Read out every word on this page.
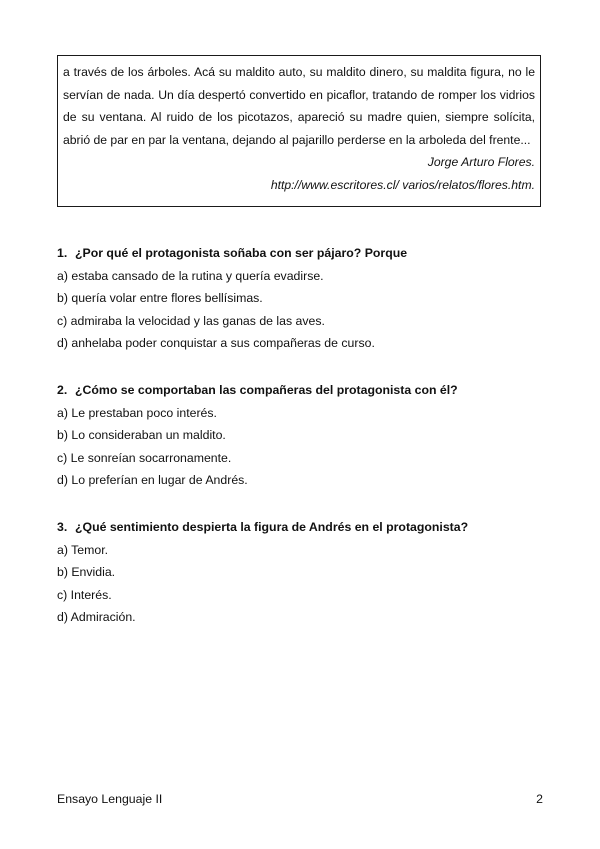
a través de los árboles. Acá su maldito auto, su maldito dinero, su maldita figura, no le servían de nada. Un día despertó convertido en picaflor, tratando de romper los vidrios de su ventana. Al ruido de los picotazos, apareció su madre quien, siempre solícita, abrió de par en par la ventana, dejando al pajarillo perderse en la arboleda del frente...

Jorge Arturo Flores.

http://www.escritores.cl/ varios/relatos/flores.htm.

1. ¿Por qué el protagonista soñaba con ser pájaro? Porque

a) estaba cansado de la rutina y quería evadirse.

b) quería volar entre flores bellísimas.

c) admiraba la velocidad y las ganas de las aves.

d) anhelaba poder conquistar a sus compañeras de curso.

2. ¿Cómo se comportaban las compañeras del protagonista con él?

a) Le prestaban poco interés.

b) Lo consideraban un maldito.

c) Le sonreían socarronamente.

d) Lo preferían en lugar de Andrés.

3. ¿Qué sentimiento despierta la figura de Andrés en el protagonista?

a) Temor.

b) Envidia.

c) Interés.

d) Admiración.

Ensayo Lenguaje II	2
